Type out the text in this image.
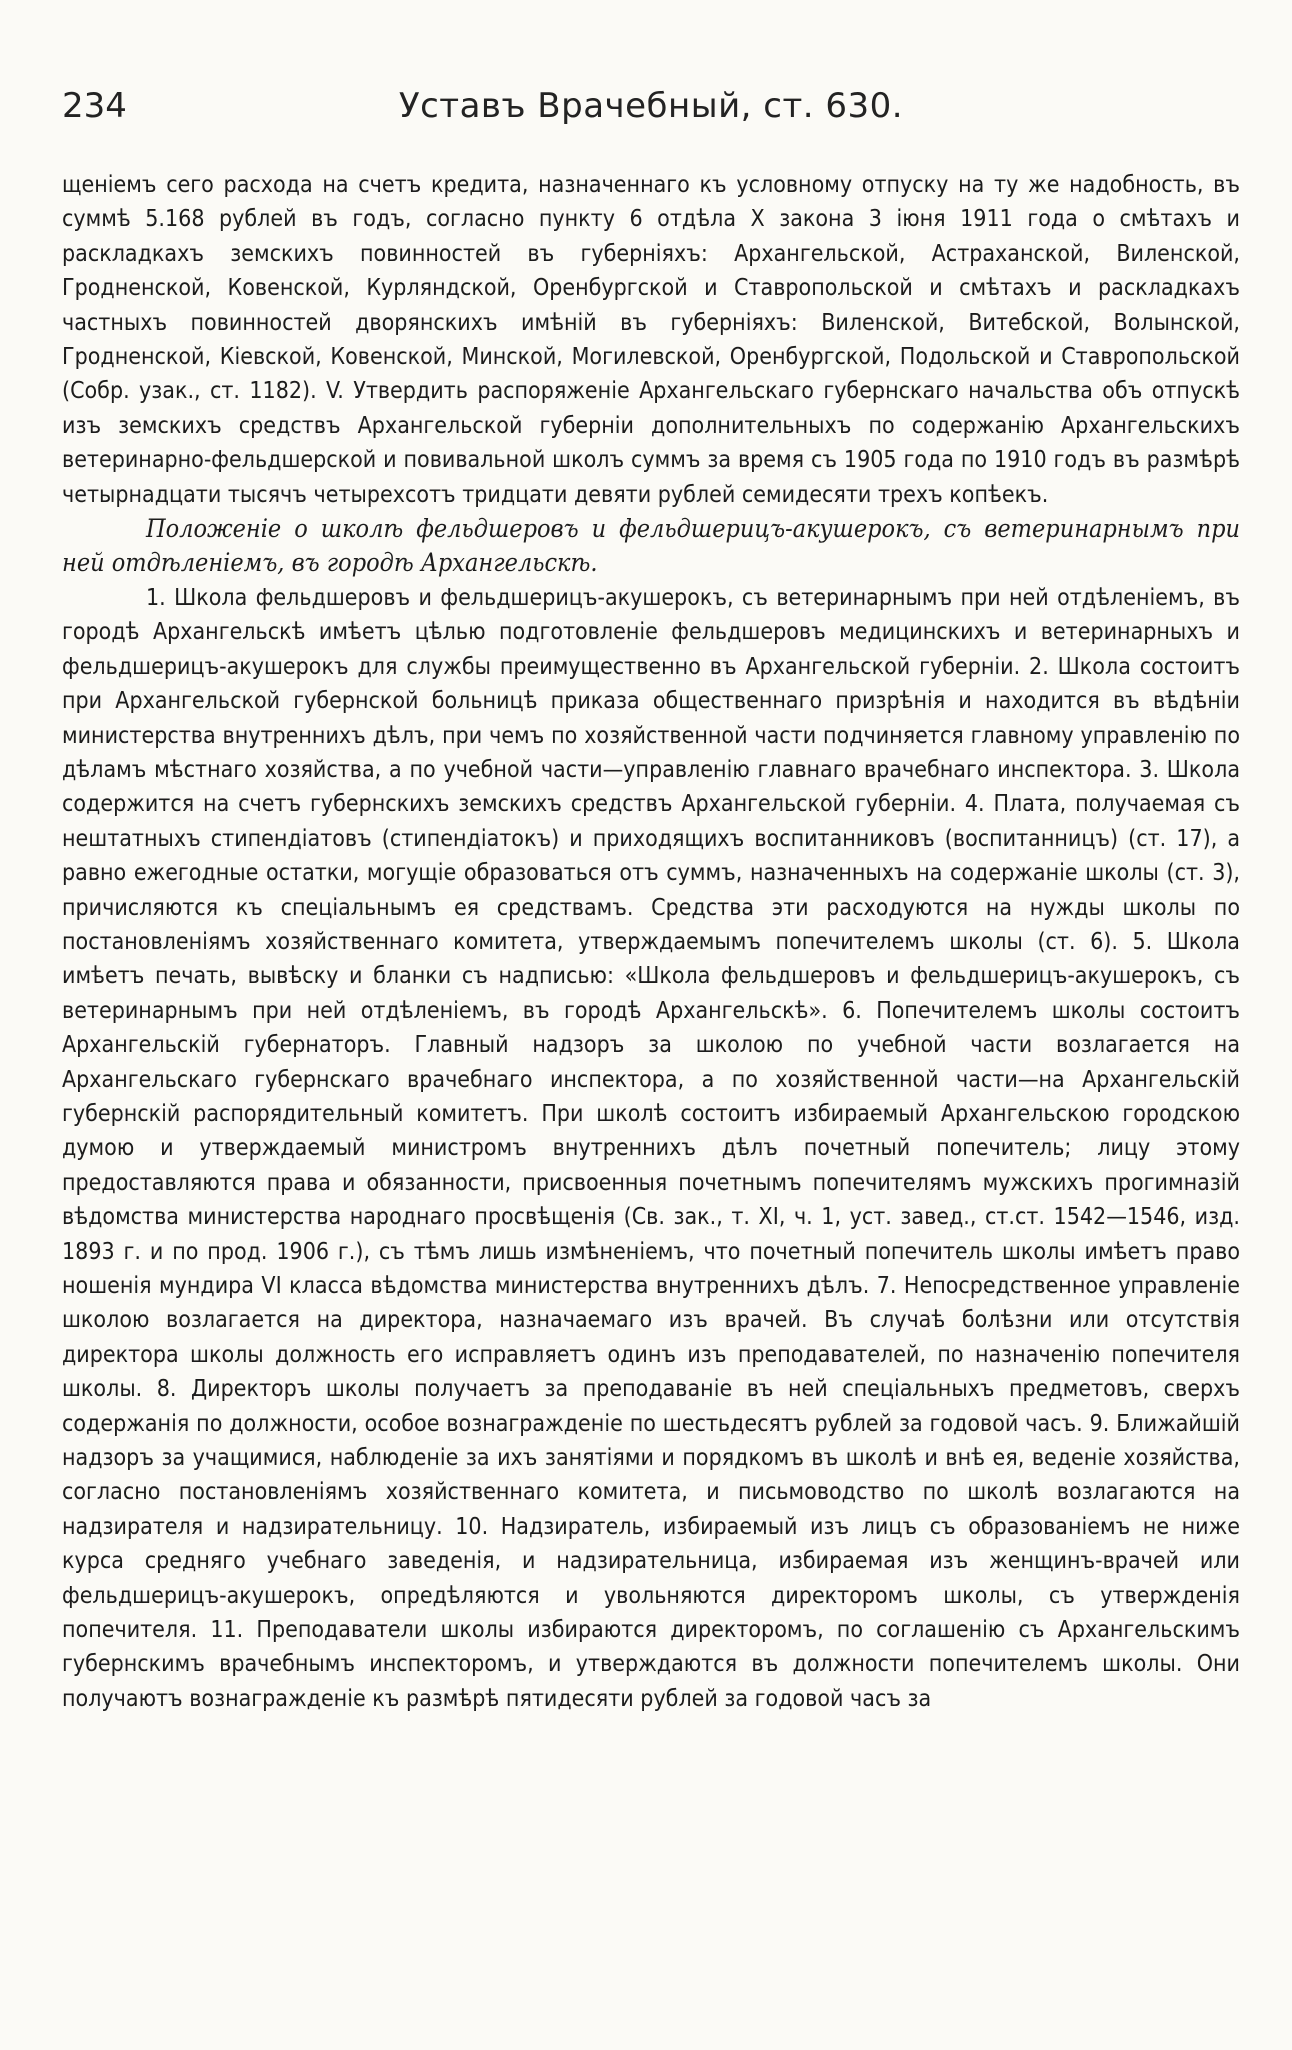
234	Уставъ Врачебный, ст. 630.

щеніемъ сего расхода на счетъ кредита, назначеннаго къ условному отпуску на ту же надобность, въ суммѣ 5.168 рублей въ годъ, согласно пункту 6 отдѣла X закона 3 іюня 1911 года о смѣтахъ и раскладкахъ земскихъ повинностей въ губерніяхъ: Архангельской, Астраханской, Виленской, Гродненской, Ковенской, Курляндской, Оренбургской и Ставропольской и смѣтахъ и раскладкахъ частныхъ повинностей дворянскихъ имѣній въ губерніяхъ: Виленской, Витебской, Волынской, Гродненской, Кіевской, Ковенской, Минской, Могилевской, Оренбургской, Подольской и Ставропольской (Собр. узак., ст. 1182). V. Утвердить распоряженіе Архангельскаго губернскаго начальства объ отпускѣ изъ земскихъ средствъ Архангельской губерніи дополнительныхъ по содержанію Архангельскихъ ветеринарно-фельдшерской и повивальной школъ суммъ за время съ 1905 года по 1910 годъ въ размѣрѣ четырнадцати тысячъ четырехсотъ тридцати девяти рублей семидесяти трехъ копѣекъ.

Положеніе о школѣ фельдшеровъ и фельдшерицъ-акушерокъ, съ ветеринарнымъ при ней отдѣленіемъ, въ городѣ Архангельскѣ.

1. Школа фельдшеровъ и фельдшерицъ-акушерокъ, съ ветеринарнымъ при ней отдѣленіемъ, въ городѣ Архангельскѣ имѣетъ цѣлью подготовленіе фельдшеровъ медицинскихъ и ветеринарныхъ и фельдшерицъ-акушерокъ для службы преимущественно въ Архангельской губерніи. 2. Школа состоитъ при Архангельской губернской больницѣ приказа общественнаго призрѣнія и находится въ вѣдѣніи министерства внутреннихъ дѣлъ, при чемъ по хозяйственной части подчиняется главному управленію по дѣламъ мѣстнаго хозяйства, а по учебной части—управленію главнаго врачебнаго инспектора. 3. Школа содержится на счетъ губернскихъ земскихъ средствъ Архангельской губерніи. 4. Плата, получаемая съ нештатныхъ стипендіатовъ (стипендіатокъ) и приходящихъ воспитанниковъ (воспитанницъ) (ст. 17), а равно ежегодные остатки, могущіе образоваться отъ суммъ, назначенныхъ на содержаніе школы (ст. 3), причисляются къ спеціальнымъ ея средствамъ. Средства эти расходуются на нужды школы по постановленіямъ хозяйственнаго комитета, утверждаемымъ попечителемъ школы (ст. 6). 5. Школа имѣетъ печать, вывѣску и бланки съ надписью: «Школа фельдшеровъ и фельдшерицъ-акушерокъ, съ ветеринарнымъ при ней отдѣленіемъ, въ городѣ Архангельскѣ». 6. Попечителемъ школы состоитъ Архангельскій губернаторъ. Главный надзоръ за школою по учебной части возлагается на Архангельскаго губернскаго врачебнаго инспектора, а по хозяйственной части—на Архангельскій губернскій распорядительный комитетъ. При школѣ состоитъ избираемый Архангельскою городскою думою и утверждаемый министромъ внутреннихъ дѣлъ почетный попечитель; лицу этому предоставляются права и обязанности, присвоенныя почетнымъ попечителямъ мужскихъ прогимназій вѣдомства министерства народнаго просвѣщенія (Св. зак., т. XI, ч. 1, уст. завед., ст.ст. 1542—1546, изд. 1893 г. и по прод. 1906 г.), съ тѣмъ лишь измѣненіемъ, что почетный попечитель школы имѣетъ право ношенія мундира VI класса вѣдомства министерства внутреннихъ дѣлъ. 7. Непосредственное управленіе школою возлагается на директора, назначаемаго изъ врачей. Въ случаѣ болѣзни или отсутствія директора школы должность его исправляетъ одинъ изъ преподавателей, по назначенію попечителя школы. 8. Директоръ школы получаетъ за преподаваніе въ ней спеціальныхъ предметовъ, сверхъ содержанія по должности, особое вознагражденіе по шестьдесятъ рублей за годовой часъ. 9. Ближайшій надзоръ за учащимися, наблюденіе за ихъ занятіями и порядкомъ въ школѣ и внѣ ея, веденіе хозяйства, согласно постановленіямъ хозяйственнаго комитета, и письмоводство по школѣ возлагаются на надзирателя и надзирательницу. 10. Надзиратель, избираемый изъ лицъ съ образованіемъ не ниже курса средняго учебнаго заведенія, и надзирательница, избираемая изъ женщинъ-врачей или фельдшерицъ-акушерокъ, опредѣляются и увольняются директоромъ школы, съ утвержденія попечителя. 11. Преподаватели школы избираются директоромъ, по соглашенію съ Архангельскимъ губернскимъ врачебнымъ инспекторомъ, и утверждаются въ должности попечителемъ школы. Они получаютъ вознагражденіе къ размѣрѣ пятидесяти рублей за годовой часъ за
